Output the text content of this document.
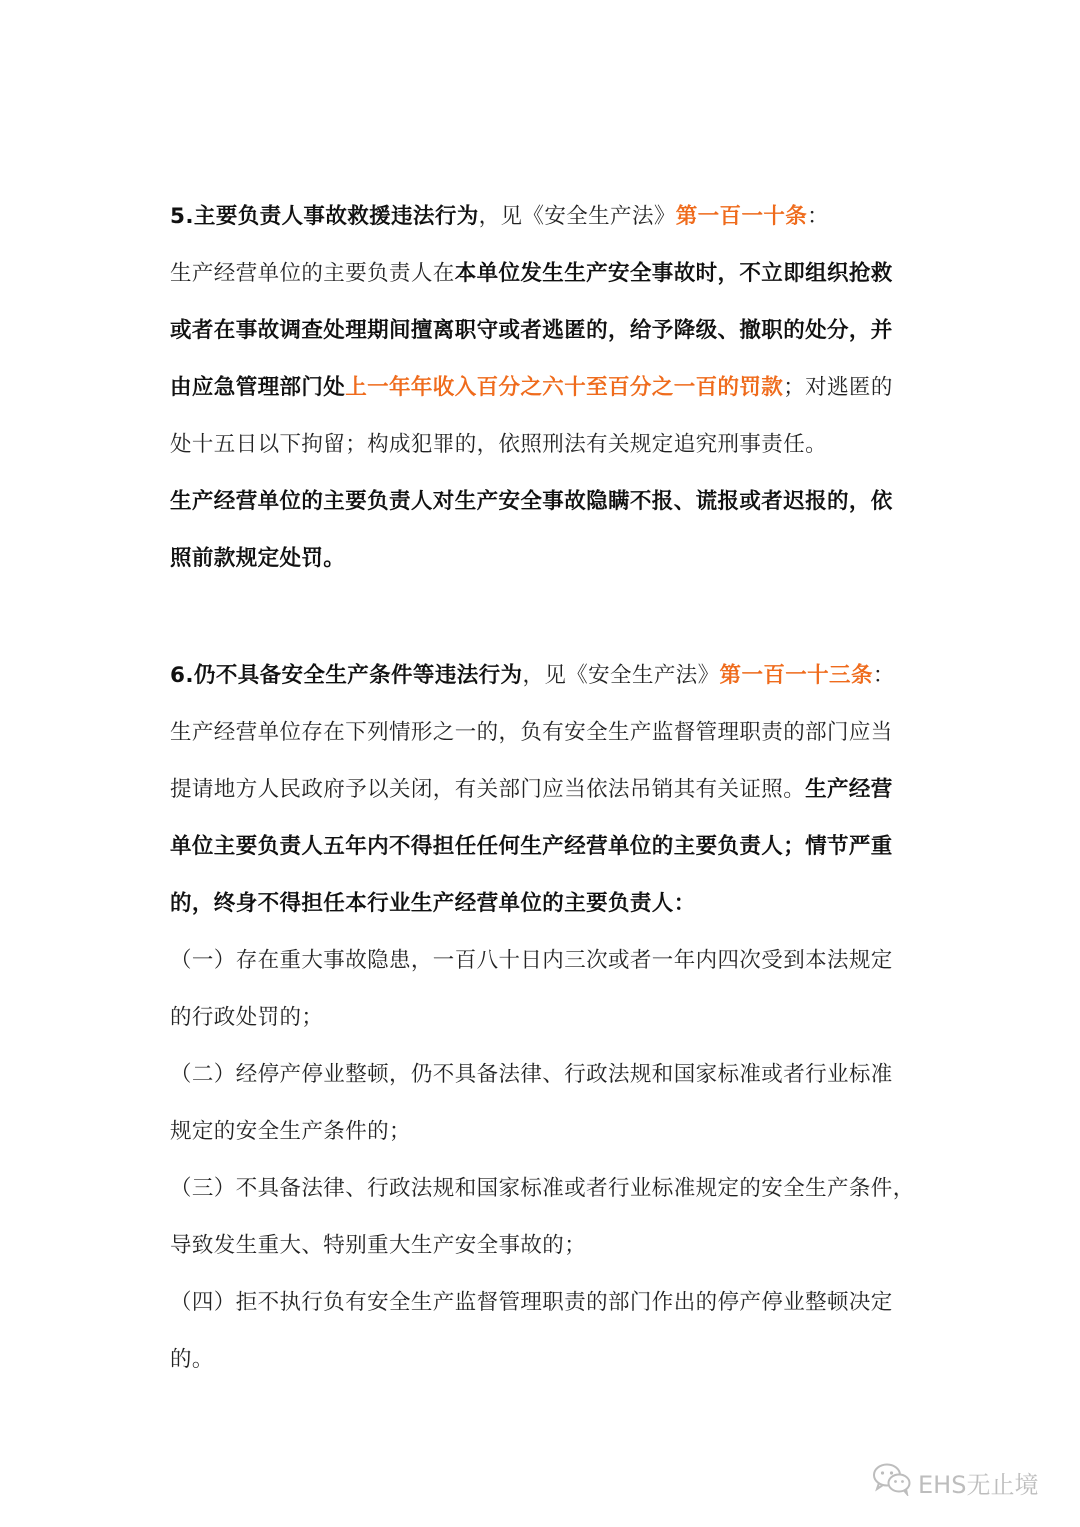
5.主要负责人事故救援违法行为，见《安全生产法》第一百一十条：
生产经营单位的主要负责人在本单位发生生产安全事故时，不立即组织抢救
或者在事故调查处理期间擅离职守或者逃匿的，给予降级、撤职的处分，并
由应急管理部门处上一年年收入百分之六十至百分之一百的罚款；对逃匿的
处十五日以下拘留；构成犯罪的，依照刑法有关规定追究刑事责任。
生产经营单位的主要负责人对生产安全事故隐瞒不报、谎报或者迟报的，依
照前款规定处罚。
6.仍不具备安全生产条件等违法行为，见《安全生产法》第一百一十三条：
生产经营单位存在下列情形之一的，负有安全生产监督管理职责的部门应当
提请地方人民政府予以关闭，有关部门应当依法吊销其有关证照。生产经营
单位主要负责人五年内不得担任任何生产经营单位的主要负责人；情节严重
的，终身不得担任本行业生产经营单位的主要负责人：
（一）存在重大事故隐患，一百八十日内三次或者一年内四次受到本法规定
的行政处罚的；
（二）经停产停业整顿，仍不具备法律、行政法规和国家标准或者行业标准
规定的安全生产条件的；
（三）不具备法律、行政法规和国家标准或者行业标准规定的安全生产条件，
导致发生重大、特别重大生产安全事故的；
（四）拒不执行负有安全生产监督管理职责的部门作出的停产停业整顿决定
的。
EHS无止境
